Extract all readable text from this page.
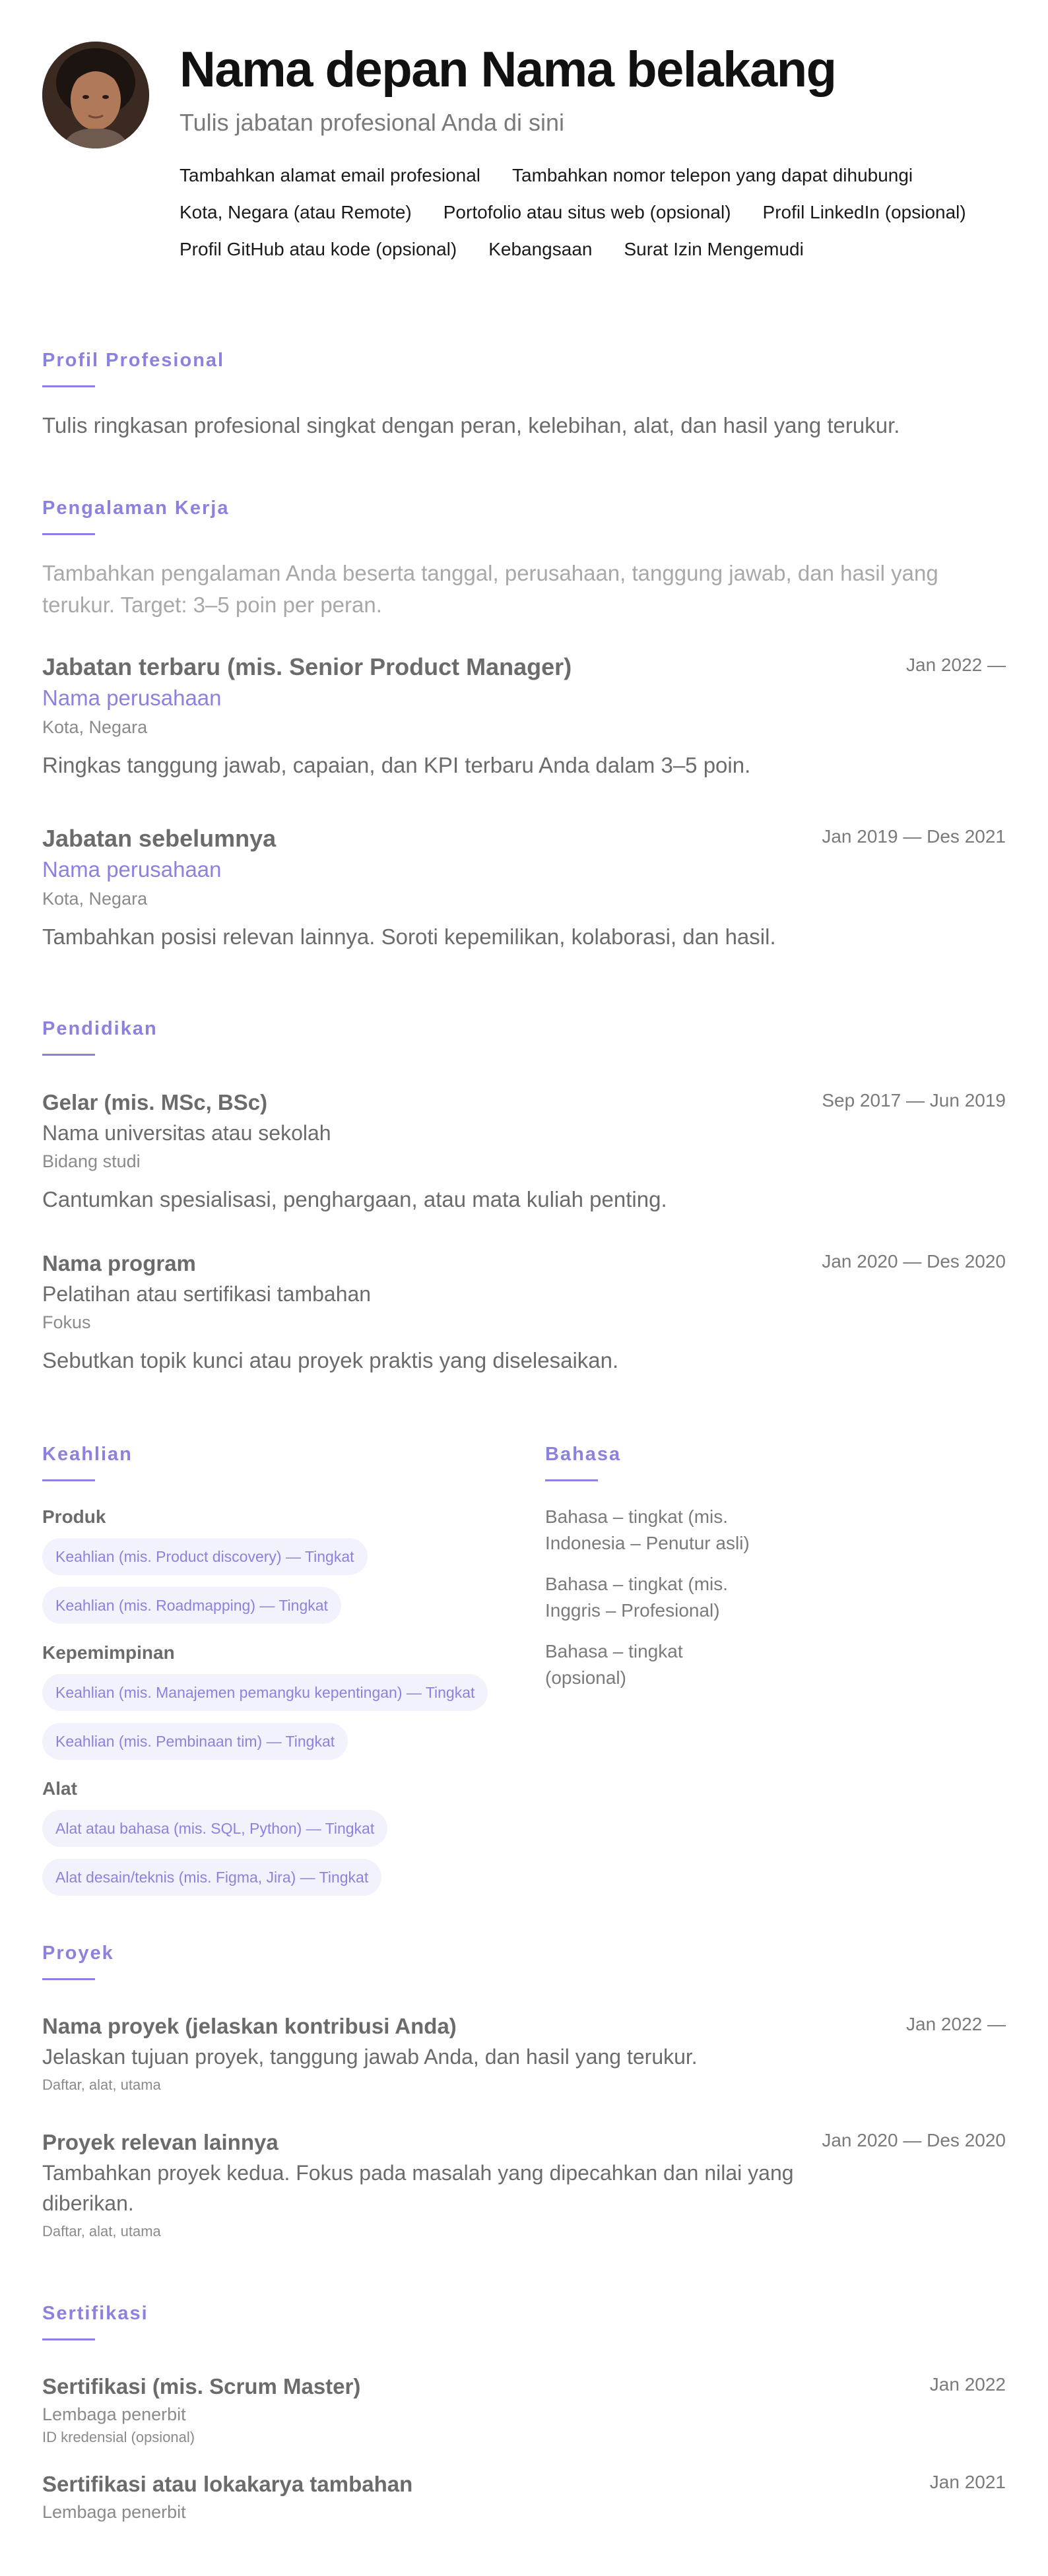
Nama depan Nama belakang
Tulis jabatan profesional Anda di sini
Tambahkan alamat email profesional Tambahkan nomor telepon yang dapat dihubungi
Kota, Negara (atau Remote) Portofolio atau situs web (opsional) Profil LinkedIn (opsional)
Profil GitHub atau kode (opsional) Kebangsaan Surat Izin Mengemudi
Profil Profesional
Tulis ringkasan profesional singkat dengan peran, kelebihan, alat, dan hasil yang terukur.
Pengalaman Kerja
Tambahkan pengalaman Anda beserta tanggal, perusahaan, tanggung jawab, dan hasil yang terukur. Target: 3–5 poin per peran.
Jabatan terbaru (mis. Senior Product Manager)	Jan 2022 —
Nama perusahaan
Kota, Negara
Ringkas tanggung jawab, capaian, dan KPI terbaru Anda dalam 3–5 poin.
Jabatan sebelumnya	Jan 2019 — Des 2021
Nama perusahaan
Kota, Negara
Tambahkan posisi relevan lainnya. Soroti kepemilikan, kolaborasi, dan hasil.
Pendidikan
Gelar (mis. MSc, BSc)	Sep 2017 — Jun 2019
Nama universitas atau sekolah
Bidang studi
Cantumkan spesialisasi, penghargaan, atau mata kuliah penting.
Nama program	Jan 2020 — Des 2020
Pelatihan atau sertifikasi tambahan
Fokus
Sebutkan topik kunci atau proyek praktis yang diselesaikan.
Keahlian
Produk
Keahlian (mis. Product discovery) — Tingkat
Keahlian (mis. Roadmapping) — Tingkat
Kepemimpinan
Keahlian (mis. Manajemen pemangku kepentingan) — Tingkat
Keahlian (mis. Pembinaan tim) — Tingkat
Alat
Alat atau bahasa (mis. SQL, Python) — Tingkat
Alat desain/teknis (mis. Figma, Jira) — Tingkat
Bahasa
Bahasa – tingkat (mis. Indonesia – Penutur asli)
Bahasa – tingkat (mis. Inggris – Profesional)
Bahasa – tingkat (opsional)
Proyek
Nama proyek (jelaskan kontribusi Anda)	Jan 2022 —
Jelaskan tujuan proyek, tanggung jawab Anda, dan hasil yang terukur.
Daftar, alat, utama
Proyek relevan lainnya	Jan 2020 — Des 2020
Tambahkan proyek kedua. Fokus pada masalah yang dipecahkan dan nilai yang diberikan.
Daftar, alat, utama
Sertifikasi
Sertifikasi (mis. Scrum Master)	Jan 2022
Lembaga penerbit
ID kredensial (opsional)
Sertifikasi atau lokakarya tambahan	Jan 2021
Lembaga penerbit
